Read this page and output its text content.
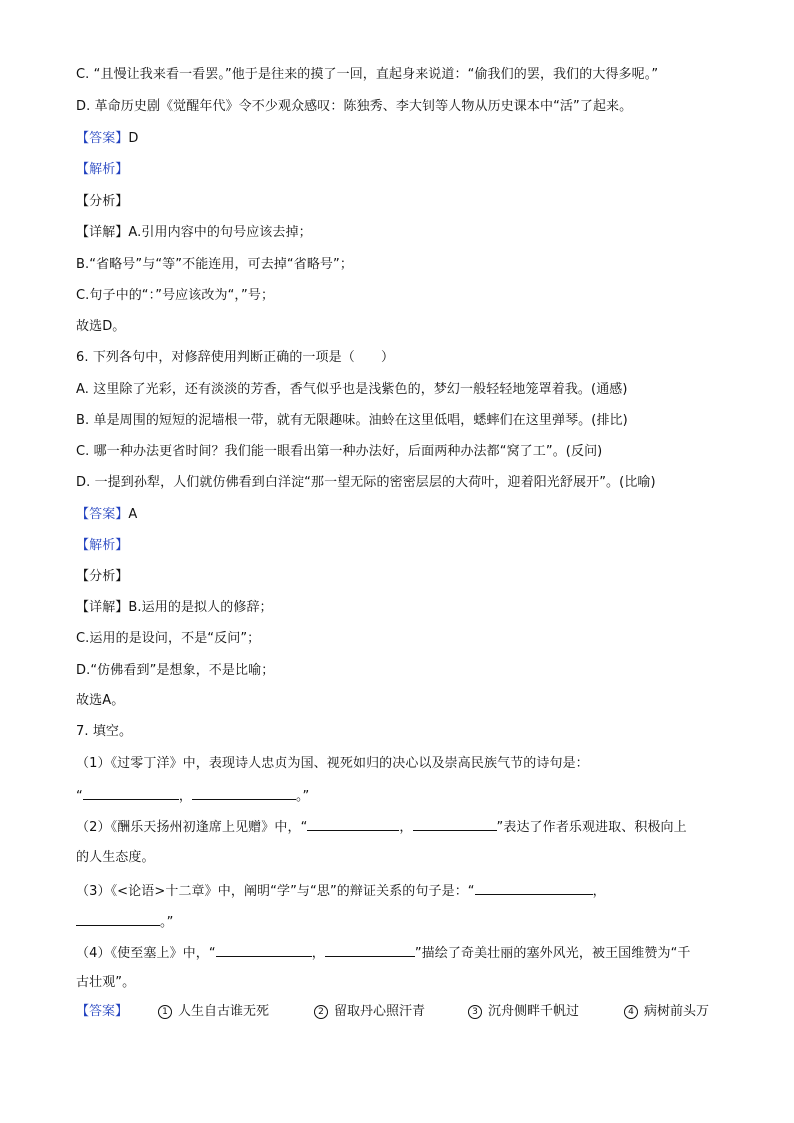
C. “且慢让我来看一看罢。”他于是往来的摸了一回，直起身来说道：“偷我们的罢，我们的大得多呢。”
D. 革命历史剧《觉醒年代》令不少观众感叹：陈独秀、李大钊等人物从历史课本中“活”了起来。
【答案】D
【解析】
【分析】
【详解】A.引用内容中的句号应该去掉；
B.“省略号”与“等”不能连用，可去掉“省略号”；
C.句子中的“：”号应该改为“，”号；
故选D。
6. 下列各句中，对修辞使用判断正确的一项是（　　）
A. 这里除了光彩，还有淡淡的芳香，香气似乎也是浅紫色的，梦幻一般轻轻地笼罩着我。(通感)
B. 单是周围的短短的泥墙根一带，就有无限趣味。油蛉在这里低唱，蟋蟀们在这里弹琴。(排比)
C. 哪一种办法更省时间？我们能一眼看出第一种办法好，后面两种办法都“窝了工”。(反问)
D. 一提到孙犁，人们就仿佛看到白洋淀“那一望无际的密密层层的大荷叶，迎着阳光舒展开”。(比喻)
【答案】A
【解析】
【分析】
【详解】B.运用的是拟人的修辞；
C.运用的是设问，不是“反问”；
D.“仿佛看到”是想象，不是比喻；
故选A。
7. 填空。
（1）《过零丁洋》中，表现诗人忠贞为国、视死如归的决心以及崇高民族气节的诗句是：
“	，	。”
（2）《酬乐天扬州初逢席上见赠》中，“	，	”表达了作者乐观进取、积极向上
的人生态度。
（3）《<论语>十二章》中，阐明“学”与“思”的辩证关系的句子是：“	，
。”
（4）《使至塞上》中，“	，	”描绘了奇美壮丽的塞外风光，被王国维赞为“千
古壮观”。
【答案】	1 人生自古谁无死	2 留取丹心照汗青	3 沉舟侧畔千帆过	4 病树前头万
